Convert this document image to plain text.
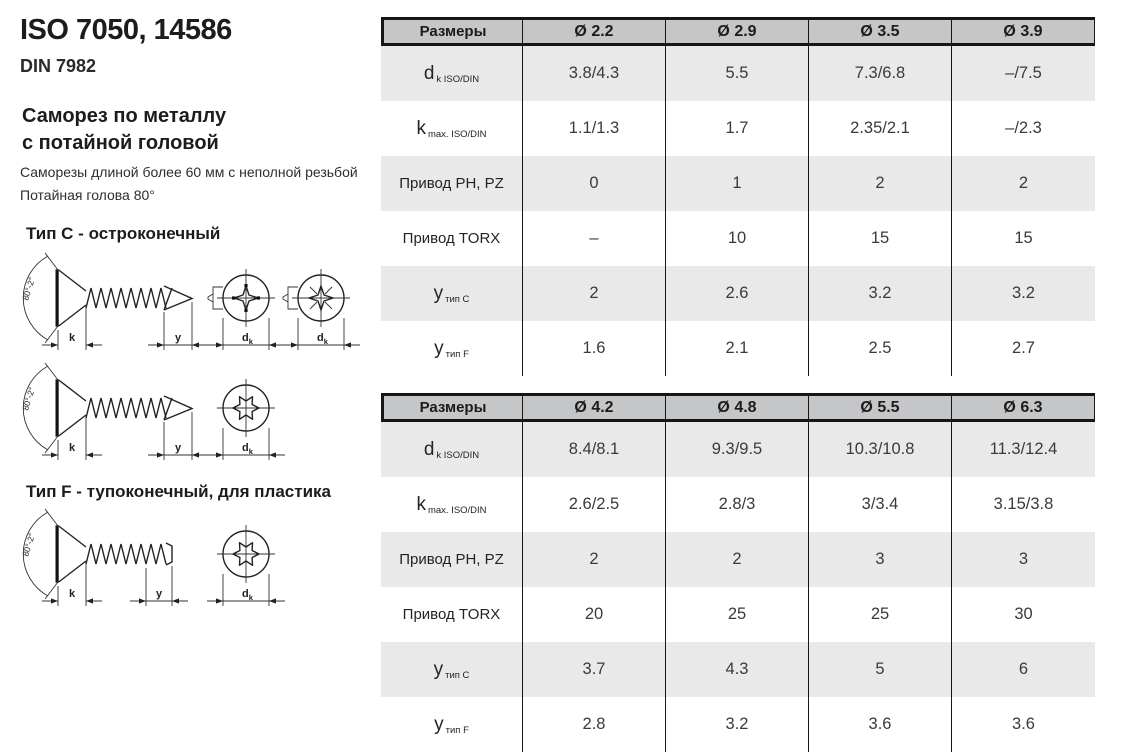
ISO 7050, 14586
DIN 7982
Саморез по металлу
с потайной головой
Саморезы длиной более 60 мм с неполной резьбой
Потайная голова 80°
Тип C - остроконечный
Тип F - тупоконечный, для пластика
80°-2°
k	y	$d_k$	$d_k$
80°-2°
k	y	$d_k$
80°-2°
k	y	$d_k$
Размеры	Ø 2.2	Ø 2.9	Ø 3.5	Ø 3.9
d k ISO/DIN	3.8/4.3	5.5	7.3/6.8	–/7.5
k max. ISO/DIN	1.1/1.3	1.7	2.35/2.1	–/2.3
Привод PH, PZ	0	1	2	2
Привод TORX	–	10	15	15
у тип C	2	2.6	3.2	3.2
у тип F	1.6	2.1	2.5	2.7
Размеры	Ø 4.2	Ø 4.8	Ø 5.5	Ø 6.3
d k ISO/DIN	8.4/8.1	9.3/9.5	10.3/10.8	11.3/12.4
k max. ISO/DIN	2.6/2.5	2.8/3	3/3.4	3.15/3.8
Привод PH, PZ	2	2	3	3
Привод TORX	20	25	25	30
у тип C	3.7	4.3	5	6
у тип F	2.8	3.2	3.6	3.6
